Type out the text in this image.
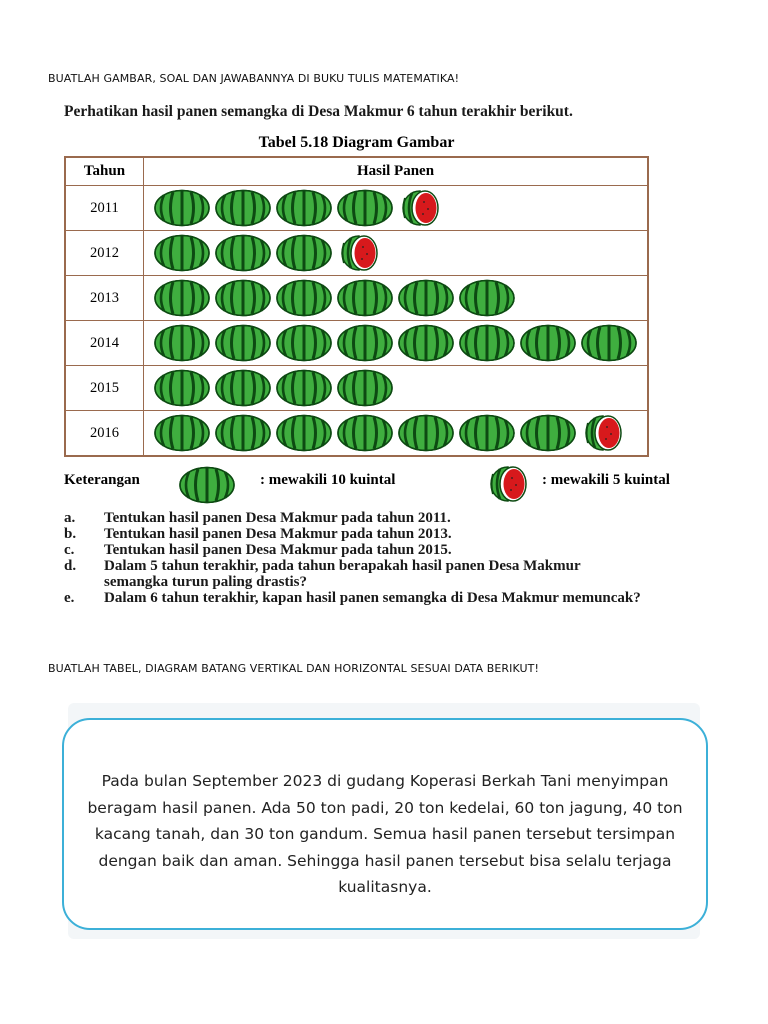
BUATLAH GAMBAR, SOAL DAN JAWABANNYA DI BUKU TULIS MATEMATIKA!
Perhatikan hasil panen semangka di Desa Makmur 6 tahun terakhir berikut.
Tabel 5.18 Diagram Gambar
Tahun	Hasil Panen
2011	

2012	

2013	

2014	

2015	

2016	
Keterangan	: mewakili 10 kuintal	: mewakili 5 kuintal
a.	Tentukan hasil panen Desa Makmur pada tahun 2011.
b.	Tentukan hasil panen Desa Makmur pada tahun 2013.
c.	Tentukan hasil panen Desa Makmur pada tahun 2015.
d.	Dalam 5 tahun terakhir, pada tahun berapakah hasil panen Desa Makmur semangka turun paling drastis?
e.	Dalam 6 tahun terakhir, kapan hasil panen semangka di Desa Makmur memuncak?
BUATLAH TABEL, DIAGRAM BATANG VERTIKAL DAN HORIZONTAL SESUAI DATA BERIKUT!
Pada bulan September 2023 di gudang Koperasi Berkah Tani menyimpan beragam hasil panen. Ada 50 ton padi, 20 ton kedelai, 60 ton jagung, 40 ton kacang tanah, dan 30 ton gandum. Semua hasil panen tersebut tersimpan dengan baik dan aman. Sehingga hasil panen tersebut bisa selalu terjaga kualitasnya.
